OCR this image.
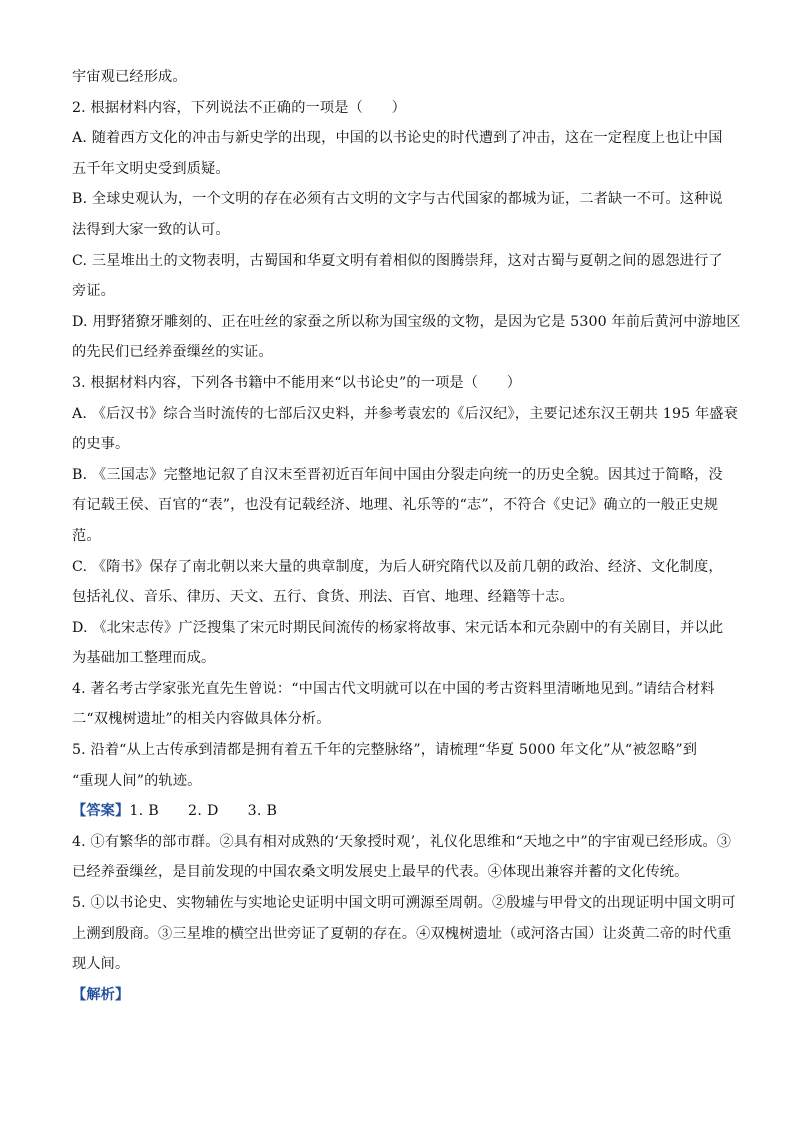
宇宙观已经形成。
2. 根据材料内容，下列说法不正确的一项是（　　）
A. 随着西方文化的冲击与新史学的出现，中国的以书论史的时代遭到了冲击，这在一定程度上也让中国
五千年文明史受到质疑。
B. 全球史观认为，一个文明的存在必须有古文明的文字与古代国家的都城为证，二者缺一不可。这种说
法得到大家一致的认可。
C. 三星堆出土的文物表明，古蜀国和华夏文明有着相似的图腾崇拜，这对古蜀与夏朝之间的恩怨进行了
旁证。
D. 用野猪獠牙雕刻的、正在吐丝的家蚕之所以称为国宝级的文物，是因为它是 5300 年前后黄河中游地区
的先民们已经养蚕缫丝的实证。
3. 根据材料内容，下列各书籍中不能用来“以书论史”的一项是（　　）
A. 《后汉书》综合当时流传的七部后汉史料，并参考袁宏的《后汉纪》，主要记述东汉王朝共 195 年盛衰
的史事。
B. 《三国志》完整地记叙了自汉末至晋初近百年间中国由分裂走向统一的历史全貌。因其过于简略，没
有记载王侯、百官的“表”，也没有记载经济、地理、礼乐等的“志”，不符合《史记》确立的一般正史规
范。
C. 《隋书》保存了南北朝以来大量的典章制度，为后人研究隋代以及前几朝的政治、经济、文化制度，
包括礼仪、音乐、律历、天文、五行、食货、刑法、百官、地理、经籍等十志。
D. 《北宋志传》广泛搜集了宋元时期民间流传的杨家将故事、宋元话本和元杂剧中的有关剧目，并以此
为基础加工整理而成。
4. 著名考古学家张光直先生曾说：“中国古代文明就可以在中国的考古资料里清晰地见到。”请结合材料
二“双槐树遗址”的相关内容做具体分析。
5. 沿着“从上古传承到清都是拥有着五千年的完整脉络”，请梳理“华夏 5000 年文化”从“被忽略”到
“重现人间”的轨迹。
【答案】1. B　　2. D　　3. B
4. ①有繁华的部市群。②具有相对成熟的‘天象授时观’，礼仪化思维和“天地之中”的宇宙观已经形成。③
已经养蚕缫丝，是目前发现的中国农桑文明发展史上最早的代表。④体现出兼容并蓄的文化传统。
5. ①以书论史、实物辅佐与实地论史证明中国文明可溯源至周朝。②殷墟与甲骨文的出现证明中国文明可
上溯到殷商。③三星堆的横空出世旁证了夏朝的存在。④双槐树遗址（或河洛古国）让炎黄二帝的时代重
现人间。
【解析】
